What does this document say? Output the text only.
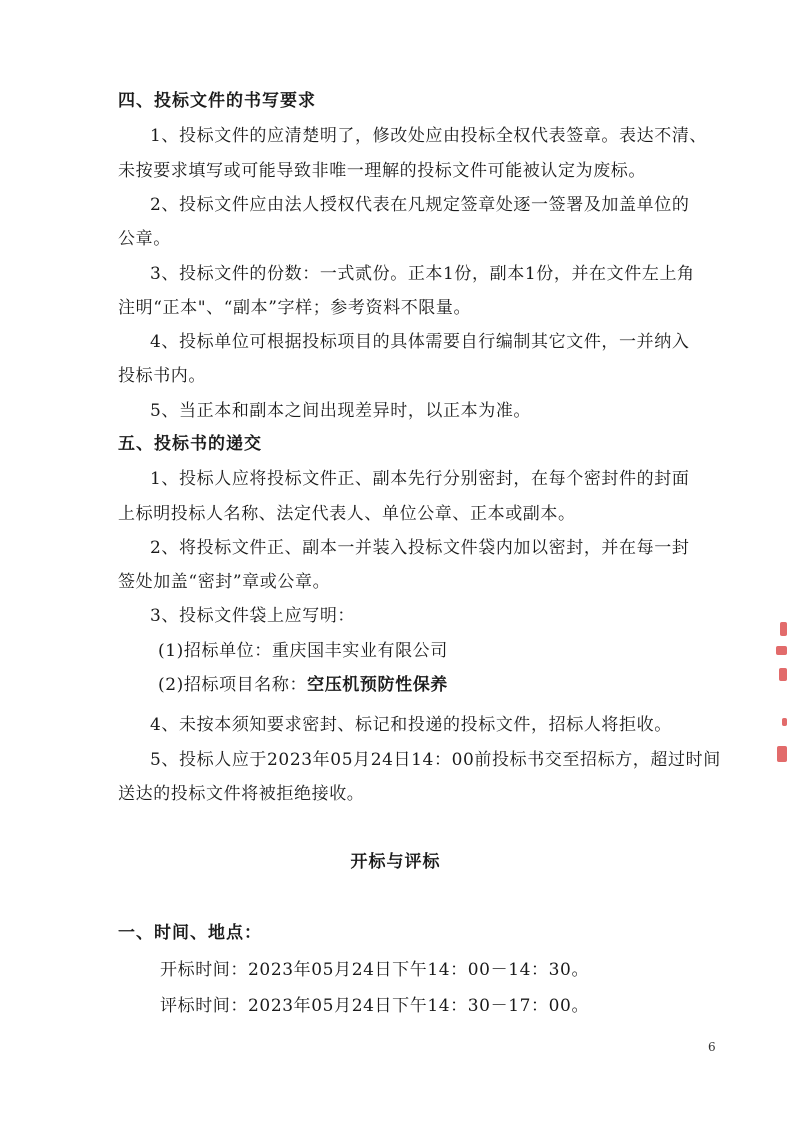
四、投标文件的书写要求
1、投标文件的应清楚明了，修改处应由投标全权代表签章。表达不清、
未按要求填写或可能导致非唯一理解的投标文件可能被认定为废标。
2、投标文件应由法人授权代表在凡规定签章处逐一签署及加盖单位的
公章。
3、投标文件的份数：一式贰份。正本1份，副本1份，并在文件左上角
注明“正本"、“副本”字样；参考资料不限量。
4、投标单位可根据投标项目的具体需要自行编制其它文件，一并纳入
投标书内。
5、当正本和副本之间出现差异时，以正本为准。
五、投标书的递交
1、投标人应将投标文件正、副本先行分别密封，在每个密封件的封面
上标明投标人名称、法定代表人、单位公章、正本或副本。
2、将投标文件正、副本一并装入投标文件袋内加以密封，并在每一封
签处加盖“密封”章或公章。
3、投标文件袋上应写明：
(1)招标单位：重庆国丰实业有限公司
(2)招标项目名称：空压机预防性保养
4、未按本须知要求密封、标记和投递的投标文件，招标人将拒收。
5、投标人应于2023年05月24日14：00前投标书交至招标方，超过时间
送达的投标文件将被拒绝接收。
开标与评标
一、时间、地点：
开标时间：2023年05月24日下午14：00－14：30。
评标时间：2023年05月24日下午14：30－17：00。
6
